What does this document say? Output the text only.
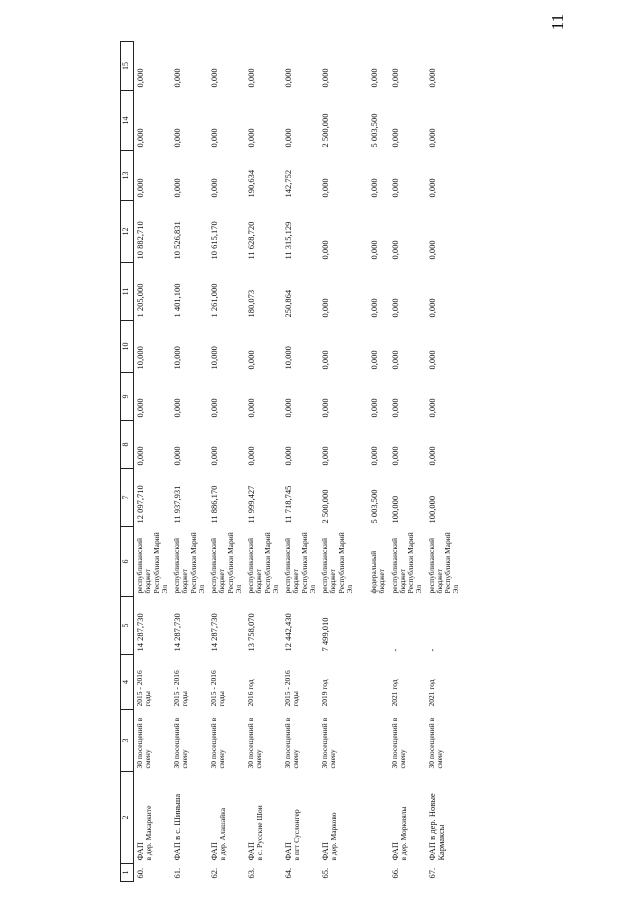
11
1	2	3	4	5	6	7	8	9	10	11	12	13	14	15
60.	ФАП в дер. Макарките	30 посещений в смену	2015 - 2016 годы	14 287,730	республиканский бюджет Республики Марий Эл	12 097,710	0,000	0,000	10,000	1 205,000	10 882,710	0,000	0,000	0,000
61.	ФАП в с. Шиньша	30 посещений в смену	2015 - 2016 годы	14 287,730	республиканский бюджет Республики Марий Эл	11 937,931	0,000	0,000	10,000	1 401,100	10 526,831	0,000	0,000	0,000
62.	ФАП в дер. Алашайка	30 посещений в смену	2015 - 2016 годы	14 287,730	республиканский бюджет Республики Марий Эл	11 886,170	0,000	0,000	10,000	1 261,000	10 615,170	0,000	0,000	0,000
63.	ФАП в с. Русские Шои	30 посещений в смену	2016 год	13 758,070	республиканский бюджет Республики Марий Эл	11 999,427	0,000	0,000	0,000	180,073	11 628,720	190,634	0,000	0,000
64.	ФАП в пгт Суслонгер	30 посещений в смену	2015 - 2016 годы	12 442,430	республиканский бюджет Республики Марий Эл	11 718,745	0,000	0,000	10,000	250,864	11 315,129	142,752	0,000	0,000
65.	ФАП в дер. Марково	30 посещений в смену	2019 год	7 499,010	республиканский бюджет Республики Марий Эл	2 500,000	0,000	0,000	0,000	0,000	0,000	0,000	2 500,000	0,000
					федеральный бюджет	5 003,500	0,000	0,000	0,000	0,000	0,000	0,000	5 003,500	0,000
66.	ФАП в дер. Моркиялы	30 посещений в смену	2021 год	-	республиканский бюджет Республики Марий Эл	100,000	0,000	0,000	0,000	0,000	0,000	0,000	0,000	0,000
67.	ФАП в дер. Новые Кармаксы	30 посещений в смену	2021 год	-	республиканский бюджет Республики Марий Эл	100,000	0,000	0,000	0,000	0,000	0,000	0,000	0,000	0,000
